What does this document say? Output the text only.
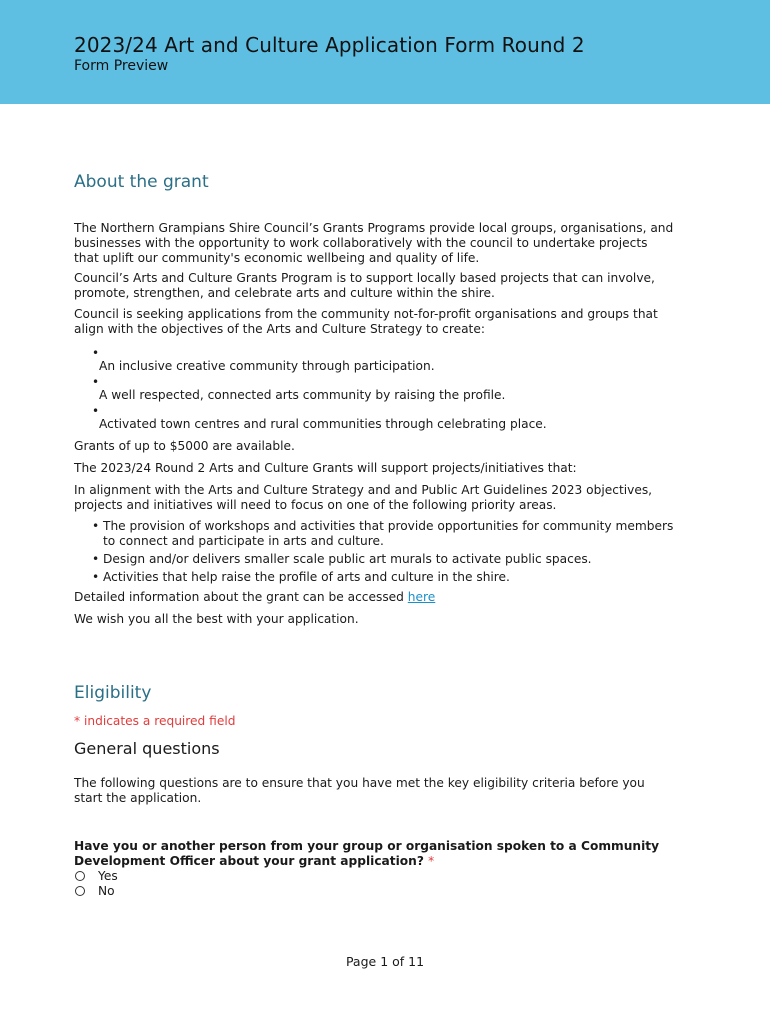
2023/24 Art and Culture Application Form Round 2
Form Preview
About the grant
The Northern Grampians Shire Council’s Grants Programs provide local groups, organisations, and businesses with the opportunity to work collaboratively with the council to undertake projects that uplift our community's economic wellbeing and quality of life.
Council’s Arts and Culture Grants Program is to support locally based projects that can involve, promote, strengthen, and celebrate arts and culture within the shire.
Council is seeking applications from the community not-for-profit organisations and groups that align with the objectives of the Arts and Culture Strategy to create:
•
An inclusive creative community through participation.
•
A well respected, connected arts community by raising the profile.
•
Activated town centres and rural communities through celebrating place.
Grants of up to $5000 are available.
The 2023/24 Round 2 Arts and Culture Grants will support projects/initiatives that:
In alignment with the Arts and Culture Strategy and and Public Art Guidelines 2023 objectives, projects and initiatives will need to focus on one of the following priority areas.
• The provision of workshops and activities that provide opportunities for community members to connect and participate in arts and culture.
• Design and/or delivers smaller scale public art murals to activate public spaces.
• Activities that help raise the profile of arts and culture in the shire.
Detailed information about the grant can be accessed here
We wish you all the best with your application.
Eligibility
* indicates a required field
General questions
The following questions are to ensure that you have met the key eligibility criteria before you start the application.
Have you or another person from your group or organisation spoken to a Community Development Officer about your grant application? *
Yes
No
Page 1 of 11
